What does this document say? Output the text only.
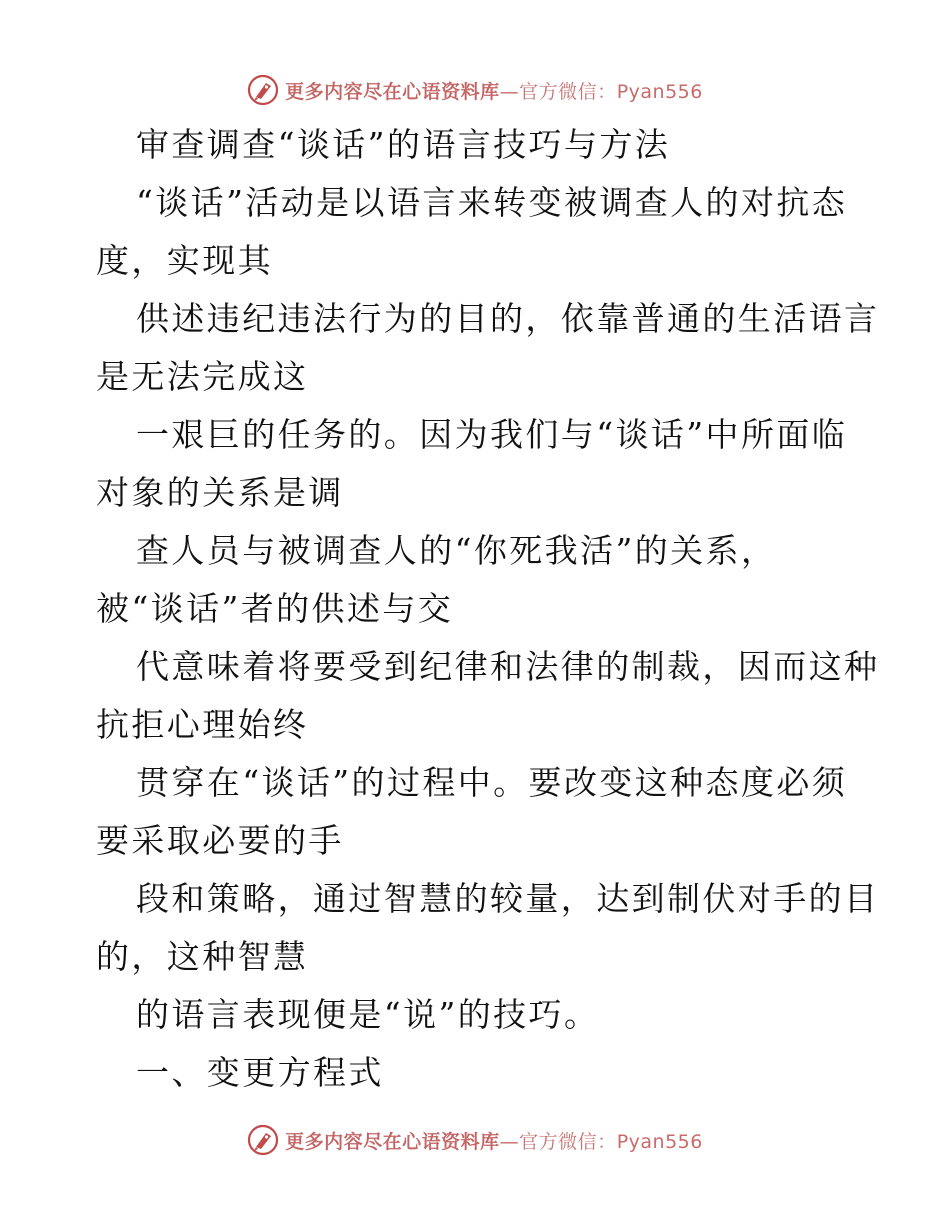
更多内容尽在心语资料库—官方微信：Pyan556
审查调查“谈话”的语言技巧与方法
“谈话”活动是以语言来转变被调查人的对抗态
度，实现其
供述违纪违法行为的目的，依靠普通的生活语言
是无法完成这
一艰巨的任务的。因为我们与“谈话”中所面临
对象的关系是调
查人员与被调查人的“你死我活”的关系，
被“谈话”者的供述与交
代意味着将要受到纪律和法律的制裁，因而这种
抗拒心理始终
贯穿在“谈话”的过程中。要改变这种态度必须
要采取必要的手
段和策略，通过智慧的较量，达到制伏对手的目
的，这种智慧
的语言表现便是“说”的技巧。
一、变更方程式
更多内容尽在心语资料库—官方微信：Pyan556
